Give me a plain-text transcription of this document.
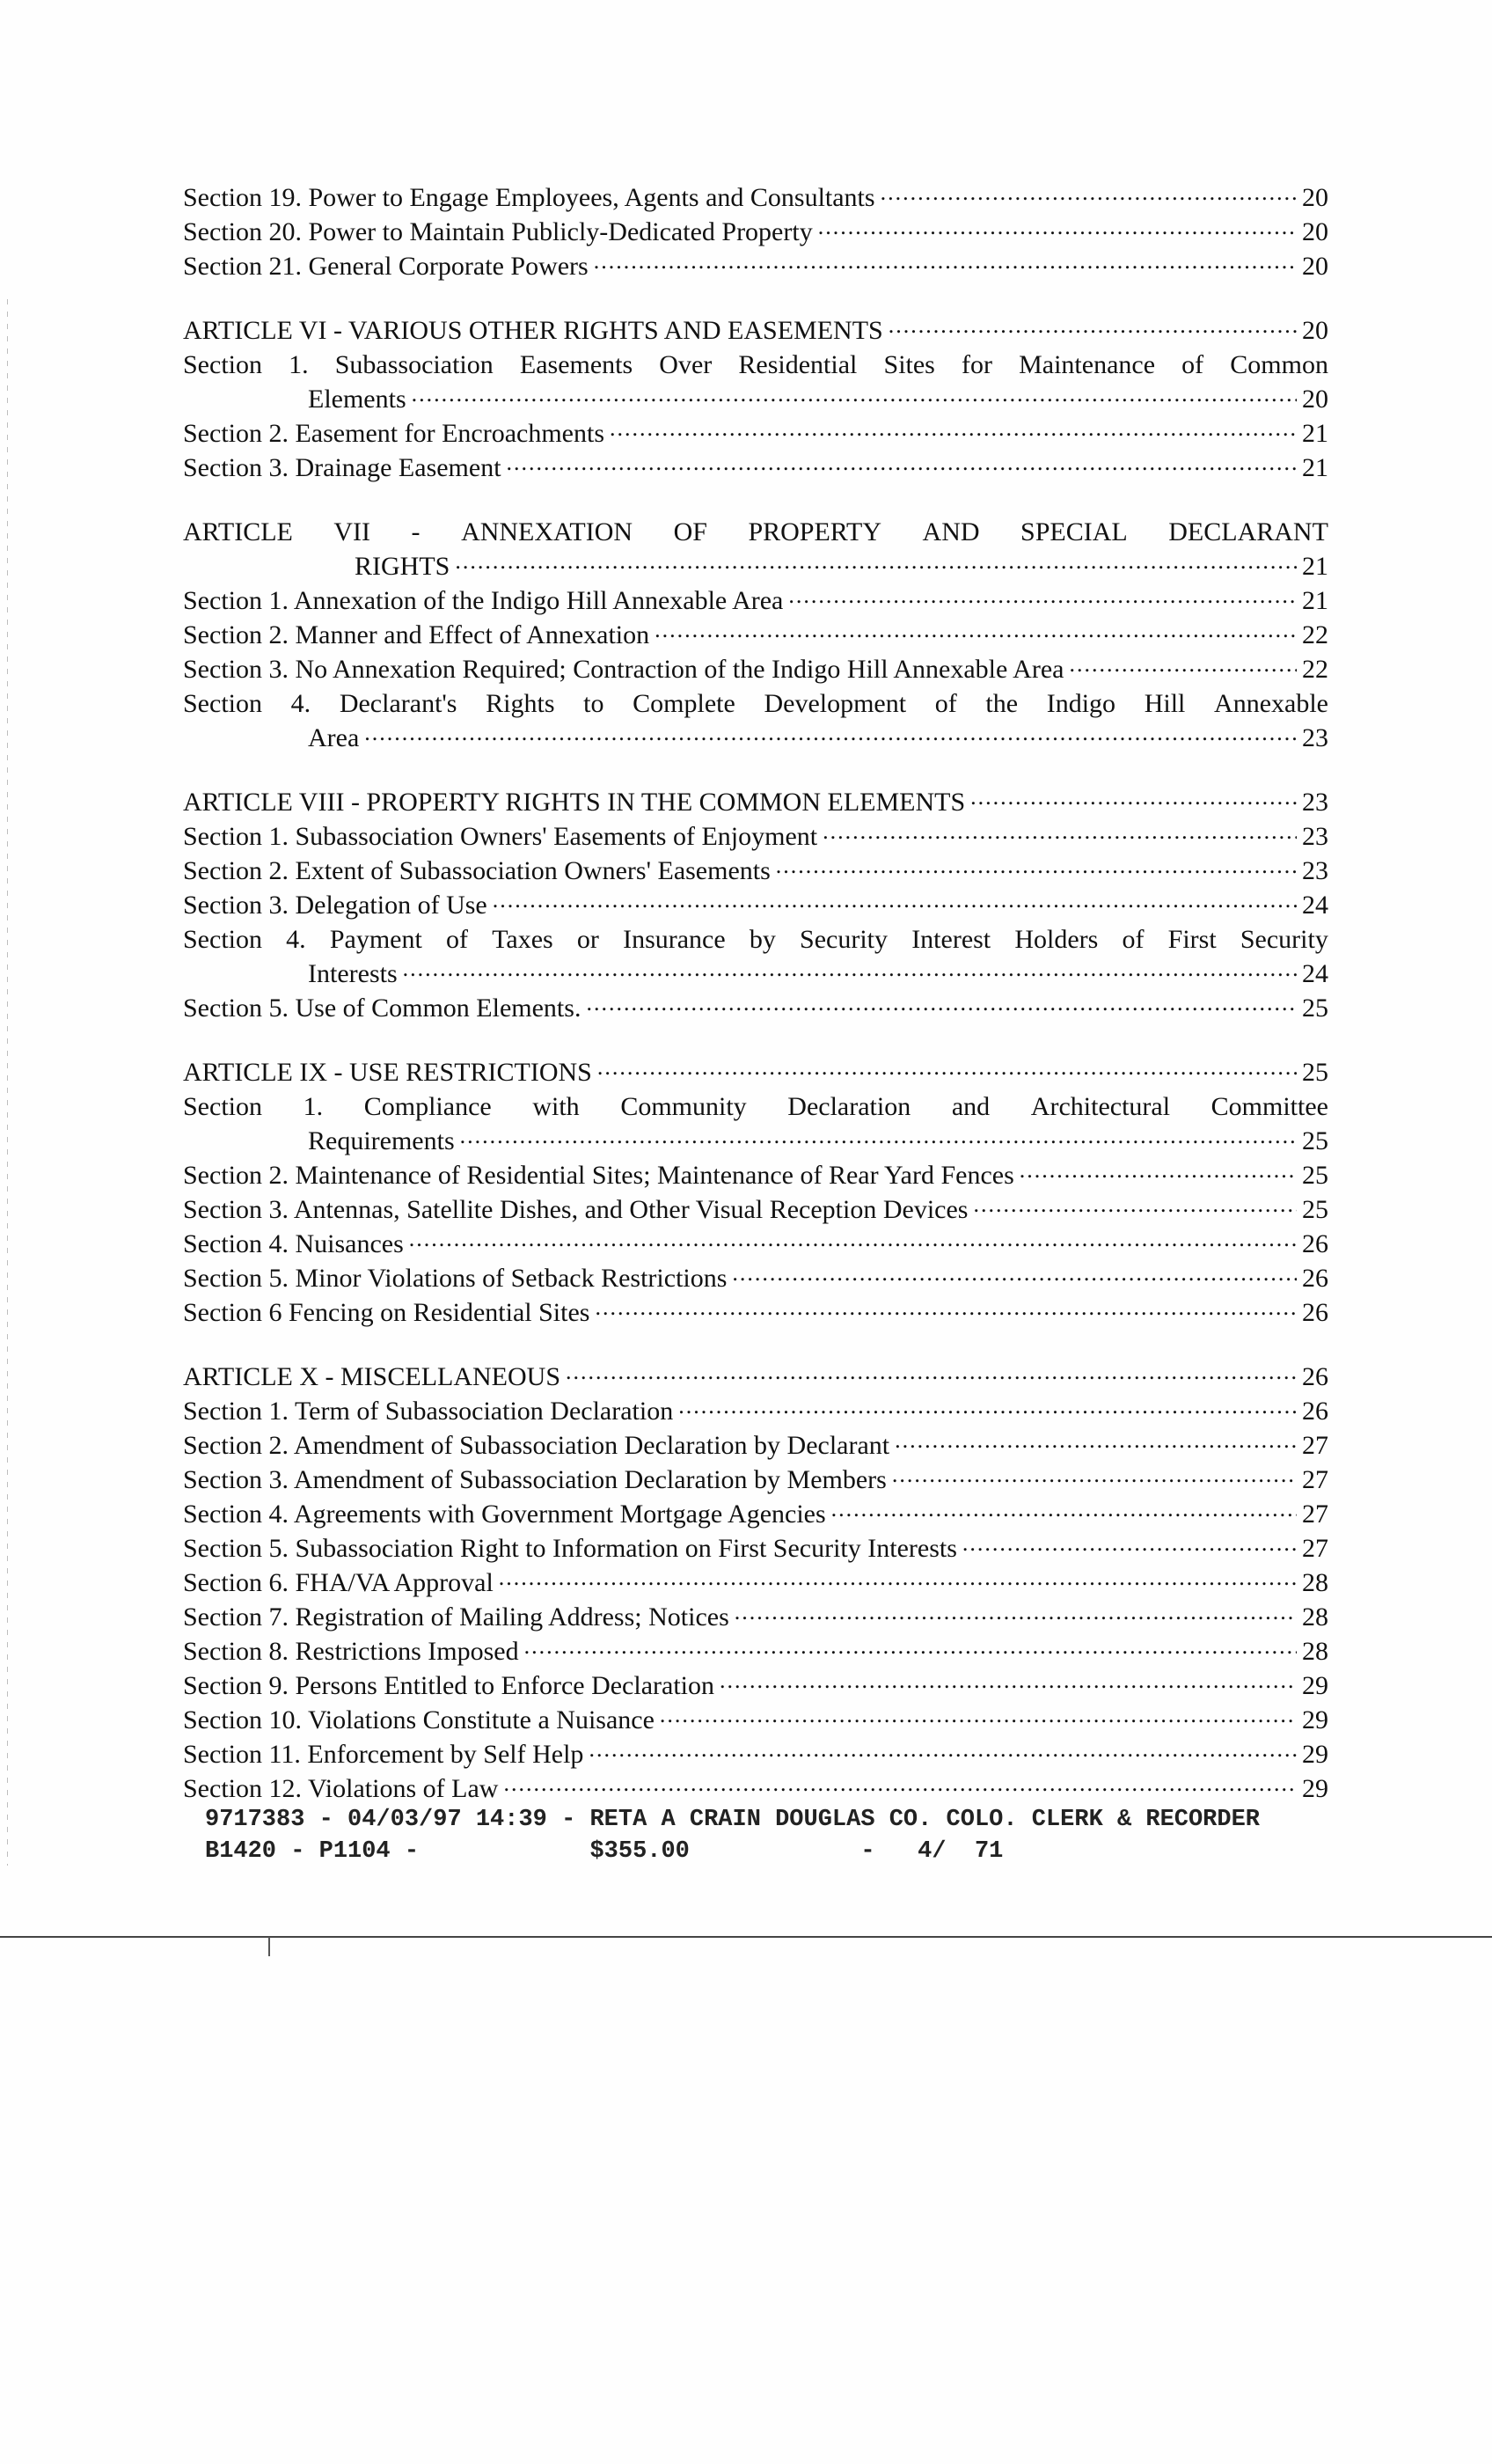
Section 19. Power to Engage Employees, Agents and Consultants .....	20
Section 20. Power to Maintain Publicly-Dedicated Property .....	20
Section 21. General Corporate Powers .....	20
ARTICLE VI - VARIOUS OTHER RIGHTS AND EASEMENTS .....	20
Section 1. Subassociation Easements Over Residential Sites for Maintenance of Common
Elements .....	20
Section 2. Easement for Encroachments .....	21
Section 3. Drainage Easement .....	21
ARTICLE VII - ANNEXATION OF PROPERTY AND SPECIAL DECLARANT
RIGHTS .....	21
Section 1. Annexation of the Indigo Hill Annexable Area .....	21
Section 2. Manner and Effect of Annexation .....	22
Section 3. No Annexation Required; Contraction of the Indigo Hill Annexable Area .....	22
Section 4. Declarant's Rights to Complete Development of the Indigo Hill Annexable
Area .....	23
ARTICLE VIII - PROPERTY RIGHTS IN THE COMMON ELEMENTS .....	23
Section 1. Subassociation Owners' Easements of Enjoyment .....	23
Section 2. Extent of Subassociation Owners' Easements .....	23
Section 3. Delegation of Use .....	24
Section 4. Payment of Taxes or Insurance by Security Interest Holders of First Security
Interests .....	24
Section 5. Use of Common Elements. .....	25
ARTICLE IX - USE RESTRICTIONS .....	25
Section 1. Compliance with Community Declaration and Architectural Committee
Requirements .....	25
Section 2. Maintenance of Residential Sites; Maintenance of Rear Yard Fences .....	25
Section 3. Antennas, Satellite Dishes, and Other Visual Reception Devices .....	25
Section 4. Nuisances .....	26
Section 5. Minor Violations of Setback Restrictions .....	26
Section 6 Fencing on Residential Sites .....	26
ARTICLE X - MISCELLANEOUS .....	26
Section 1. Term of Subassociation Declaration .....	26
Section 2. Amendment of Subassociation Declaration by Declarant .....	27
Section 3. Amendment of Subassociation Declaration by Members .....	27
Section 4. Agreements with Government Mortgage Agencies .....	27
Section 5. Subassociation Right to Information on First Security Interests .....	27
Section 6. FHA/VA Approval .....	28
Section 7. Registration of Mailing Address; Notices .....	28
Section 8. Restrictions Imposed .....	28
Section 9. Persons Entitled to Enforce Declaration .....	29
Section 10. Violations Constitute a Nuisance .....	29
Section 11. Enforcement by Self Help .....	29
Section 12. Violations of Law .....	29
9717383 - 04/03/97 14:39 - RETA A CRAIN DOUGLAS CO. COLO. CLERK & RECORDER
B1420 - P1104 -            $355.00            -   4/  71
